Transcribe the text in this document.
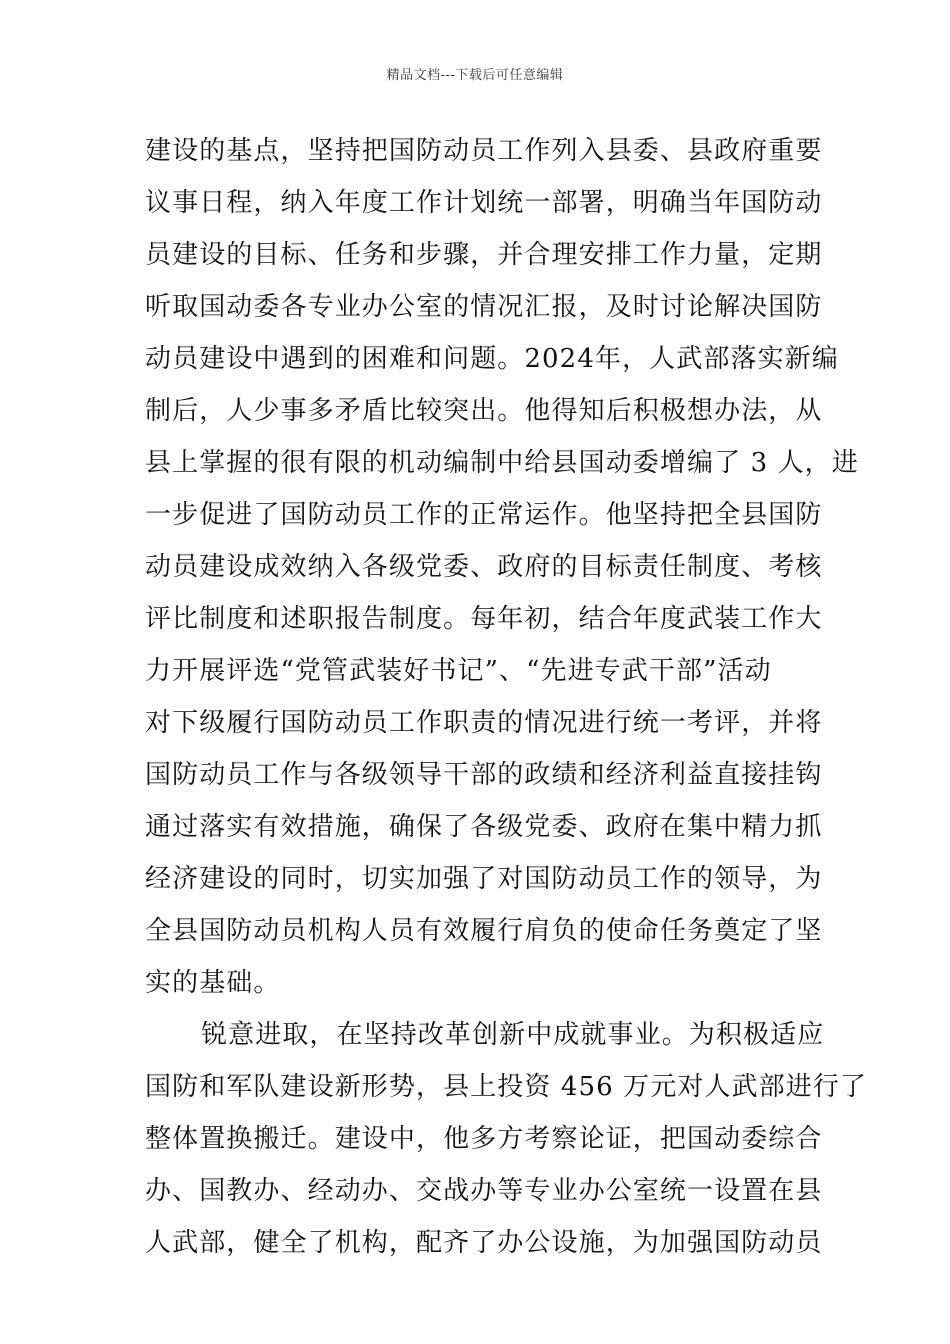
精品文档---下载后可任意编辑
建设的基点，坚持把国防动员工作列入县委、县政府重要
议事日程，纳入年度工作计划统一部署，明确当年国防动
员建设的目标、任务和步骤，并合理安排工作力量，定期
听取国动委各专业办公室的情况汇报，及时讨论解决国防
动员建设中遇到的困难和问题。2024年，人武部落实新编
制后，人少事多矛盾比较突出。他得知后积极想办法，从
县上掌握的很有限的机动编制中给县国动委增编了 3 人，进
一步促进了国防动员工作的正常运作。他坚持把全县国防
动员建设成效纳入各级党委、政府的目标责任制度、考核
评比制度和述职报告制度。每年初，结合年度武装工作大
力开展评选“党管武装好书记”、“先进专武干部”活动
对下级履行国防动员工作职责的情况进行统一考评，并将
国防动员工作与各级领导干部的政绩和经济利益直接挂钩
通过落实有效措施，确保了各级党委、政府在集中精力抓
经济建设的同时，切实加强了对国防动员工作的领导，为
全县国防动员机构人员有效履行肩负的使命任务奠定了坚
实的基础。
锐意进取，在坚持改革创新中成就事业。为积极适应
国防和军队建设新形势，县上投资 456 万元对人武部进行了
整体置换搬迁。建设中，他多方考察论证，把国动委综合
办、国教办、经动办、交战办等专业办公室统一设置在县
人武部，健全了机构，配齐了办公设施，为加强国防动员
